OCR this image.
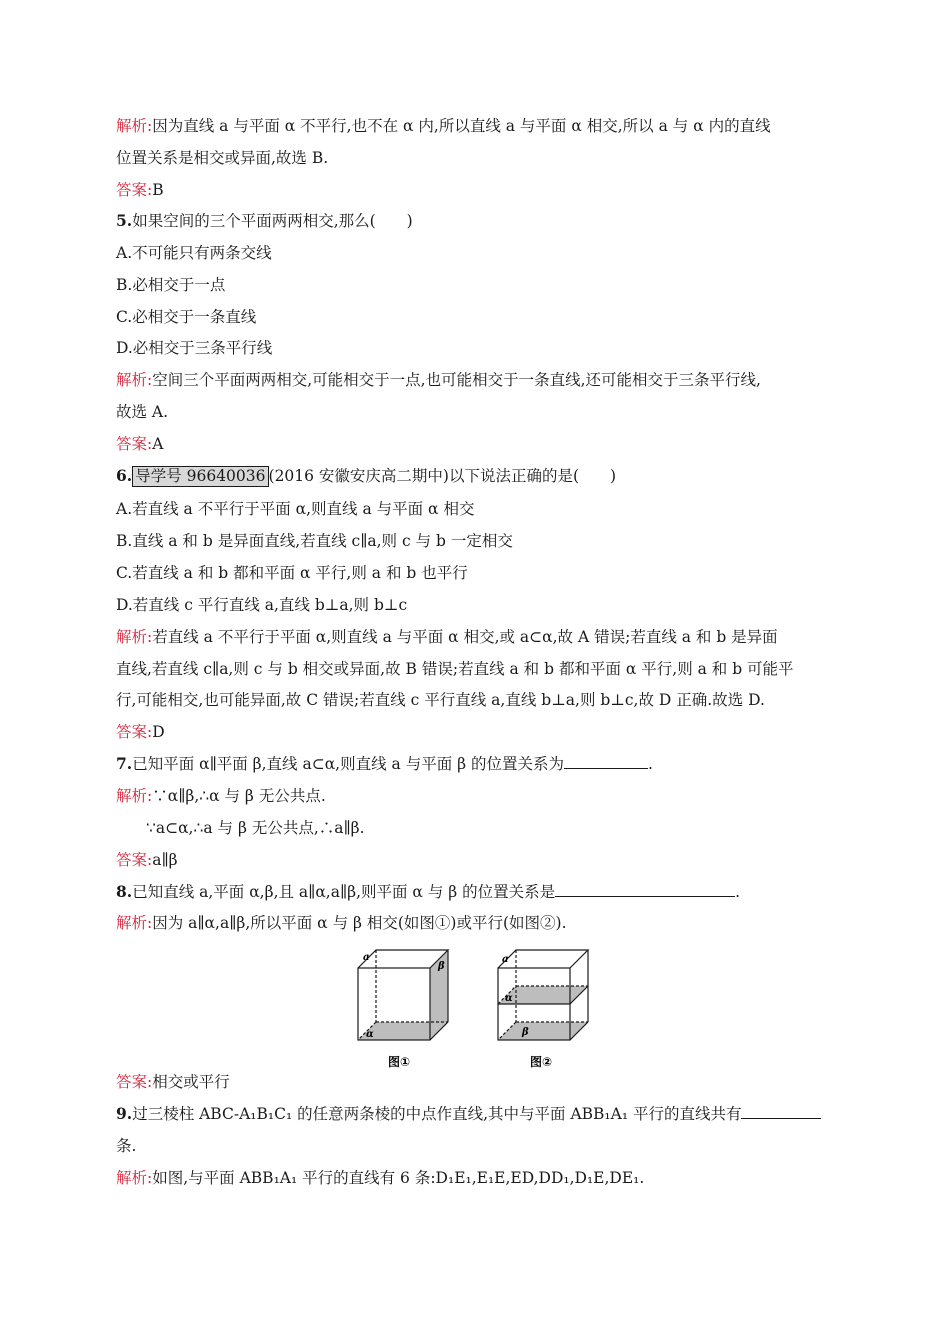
解析:因为直线 a 与平面 α 不平行,也不在 α 内,所以直线 a 与平面 α 相交,所以 a 与 α 内的直线
位置关系是相交或异面,故选 B.
答案:B
5.如果空间的三个平面两两相交,那么(　　)
A.不可能只有两条交线
B.必相交于一点
C.必相交于一条直线
D.必相交于三条平行线
解析:空间三个平面两两相交,可能相交于一点,也可能相交于一条直线,还可能相交于三条平行线,
故选 A.
答案:A
6. 导学号 96640036 (2016 安徽安庆高二期中)以下说法正确的是(　　)
A.若直线 a 不平行于平面 α,则直线 a 与平面 α 相交
B.直线 a 和 b 是异面直线,若直线 c∥a,则 c 与 b 一定相交
C.若直线 a 和 b 都和平面 α 平行,则 a 和 b 也平行
D.若直线 c 平行直线 a,直线 b⊥a,则 b⊥c
解析:若直线 a 不平行于平面 α,则直线 a 与平面 α 相交,或 a⊂α,故 A 错误;若直线 a 和 b 是异面
直线,若直线 c∥a,则 c 与 b 相交或异面,故 B 错误;若直线 a 和 b 都和平面 α 平行,则 a 和 b 可能平
行,可能相交,也可能异面,故 C 错误;若直线 c 平行直线 a,直线 b⊥a,则 b⊥c,故 D 正确.故选 D.
答案:D
7.已知平面 α∥平面 β,直线 a⊂α,则直线 a 与平面 β 的位置关系为	.
解析:∵α∥β,∴α 与 β 无公共点.
∵a⊂α,∴a 与 β 无公共点,∴a∥β.
答案:a∥β
8.已知直线 a,平面 α,β,且 a∥α,a∥β,则平面 α 与 β 的位置关系是	.
解析:因为 a∥α,a∥β,所以平面 α 与 β 相交(如图①)或平行(如图②).
a
β
α
图①
a
α
β
图②
答案:相交或平行
9.过三棱柱 ABC-A₁B₁C₁ 的任意两条棱的中点作直线,其中与平面 ABB₁A₁ 平行的直线共有
条.
解析:如图,与平面 ABB₁A₁ 平行的直线有 6 条:D₁E₁,E₁E,ED,DD₁,D₁E,DE₁.
